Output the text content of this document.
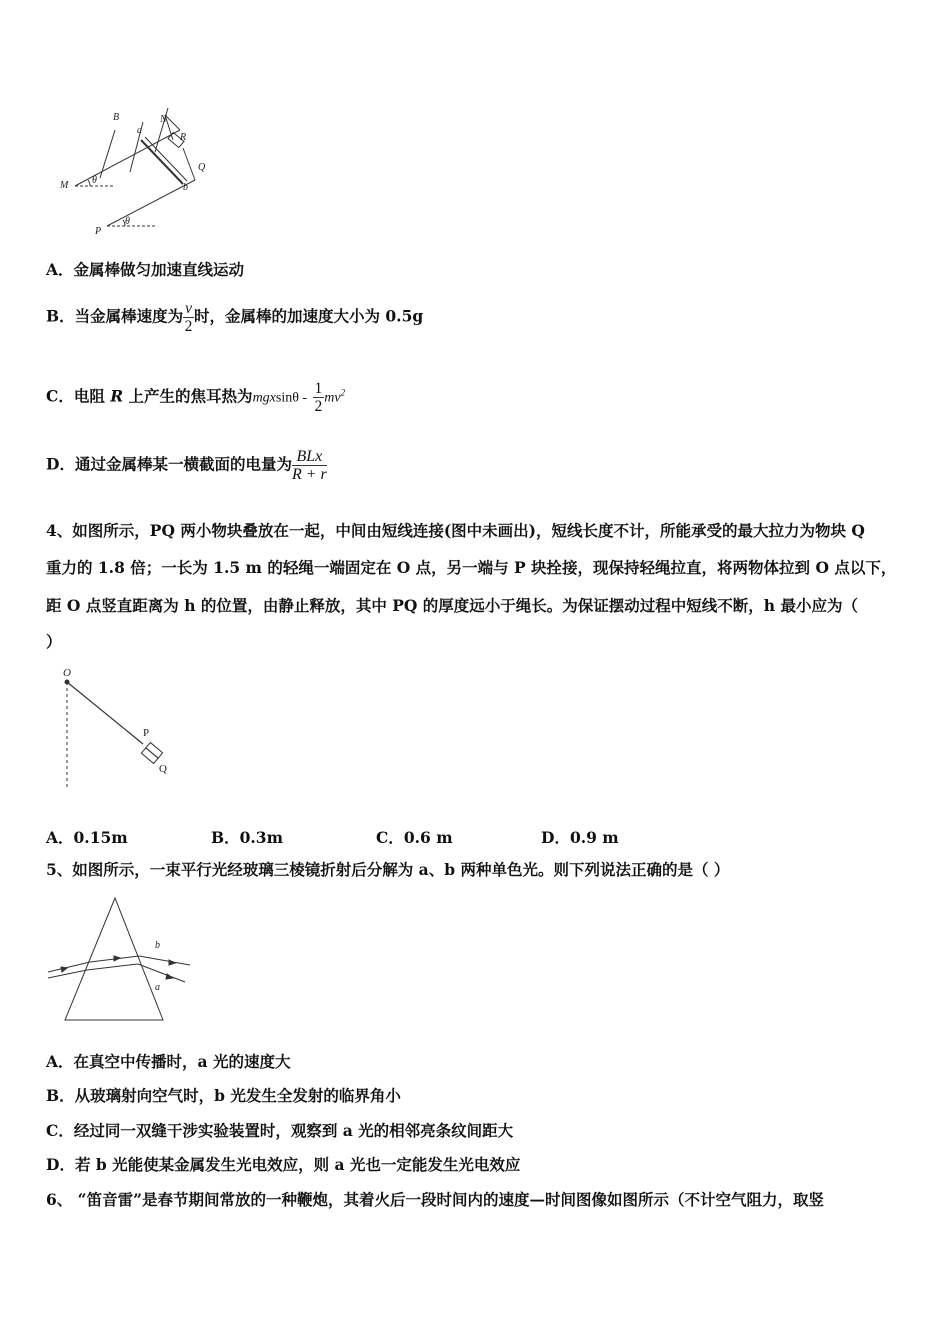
B
a
N
R
Q
M θ
b
P
θ
A．金属棒做匀加速直线运动
B．当金属棒速度为 $\frac{v}{2}$ 时，金属棒的加速度大小为 0.5g
C．电阻 R 上产生的焦耳热为mgxsinθ - $\frac{1}{2} mv^2$
D．通过金属棒某一横截面的电量为 $\frac{\text{BLx}}{R + r}$
4、如图所示，PQ 两小物块叠放在一起，中间由短线连接(图中未画出)，短线长度不计，所能承受的最大拉力为物块 Q
重力的 1.8 倍；一长为 1.5 m 的轻绳一端固定在 O 点，另一端与 P 块拴接，现保持轻绳拉直，将两物体拉到 O 点以下，
距 O 点竖直距离为 h 的位置，由静止释放，其中 PQ 的厚度远小于绳长。为保证摆动过程中短线不断，h 最小应为（
）
O
P
Q
A．0.15m	B．0.3m	C．0.6 m	D．0.9 m
5、如图所示，一束平行光经玻璃三棱镜折射后分解为 a、b 两种单色光。则下列说法正确的是（ ）
b
a
A．在真空中传播时，a 光的速度大
B．从玻璃射向空气时，b 光发生全发射的临界角小
C．经过同一双缝干涉实验装置时，观察到 a 光的相邻亮条纹间距大
D．若 b 光能使某金属发生光电效应，则 a 光也一定能发生光电效应
6、 “笛音雷”是春节期间常放的一种鞭炮，其着火后一段时间内的速度—时间图像如图所示（不计空气阻力，取竖
